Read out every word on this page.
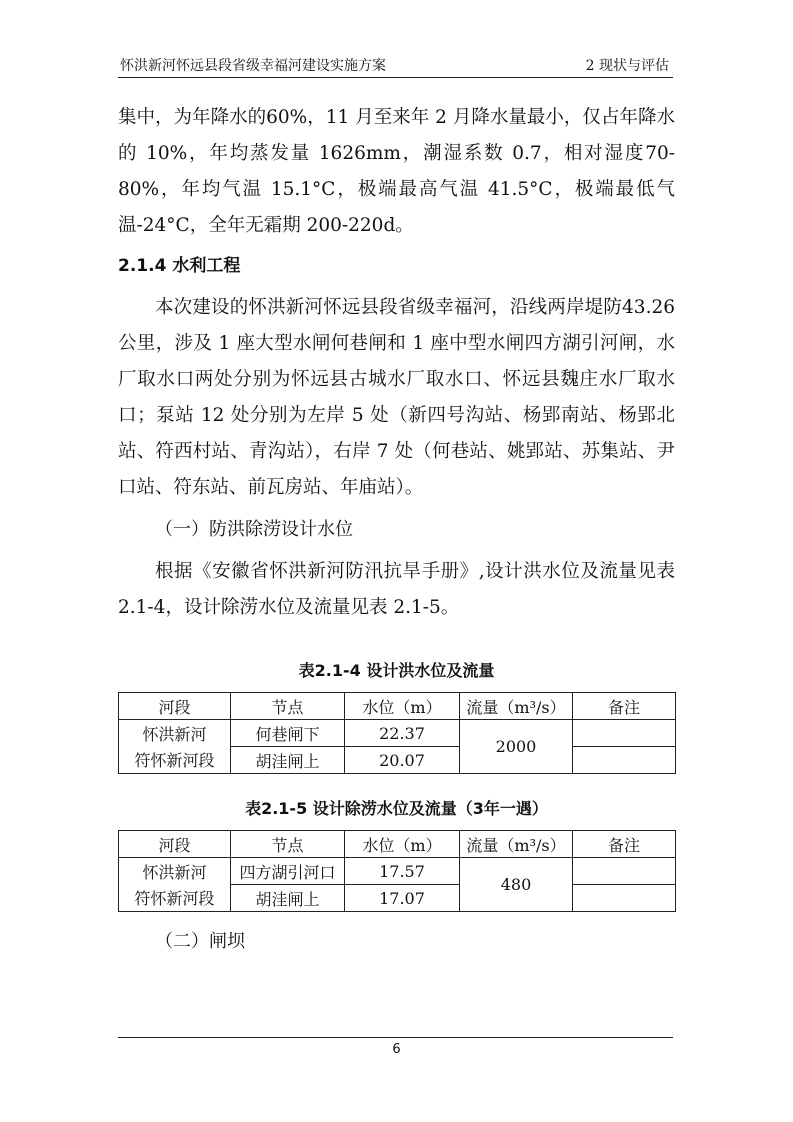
怀洪新河怀远县段省级幸福河建设实施方案	2 现状与评估

集中，为年降水的60%，11 月至来年 2 月降水量最小，仅占年降水的 10%，年均蒸发量 1626mm，潮湿系数 0.7，相对湿度70-80%，年均气温 15.1°C，极端最高气温 41.5°C，极端最低气温-24°C，全年无霜期 200-220d。

2.1.4 水利工程

本次建设的怀洪新河怀远县段省级幸福河，沿线两岸堤防43.26 公里，涉及 1 座大型水闸何巷闸和 1 座中型水闸四方湖引河闸，水厂取水口两处分别为怀远县古城水厂取水口、怀远县魏庄水厂取水口；泵站 12 处分别为左岸 5 处（新四号沟站、杨郢南站、杨郢北站、符西村站、青沟站），右岸 7 处（何巷站、姚郢站、苏集站、尹口站、符东站、前瓦房站、年庙站）。

（一）防洪除涝设计水位

根据《安徽省怀洪新河防汛抗旱手册》,设计洪水位及流量见表 2.1-4，设计除涝水位及流量见表 2.1-5。

表2.1-4 设计洪水位及流量
河段	节点	水位（m）	流量（m³/s）	备注
怀洪新河	何巷闸下	22.37	2000	
符怀新河段	胡洼闸上	20.07		
表2.1-5 设计除涝水位及流量（3年一遇）
河段	节点	水位（m）	流量（m³/s）	备注
怀洪新河	四方湖引河口	17.57	480	
符怀新河段	胡洼闸上	17.07		

（二）闸坝

6
